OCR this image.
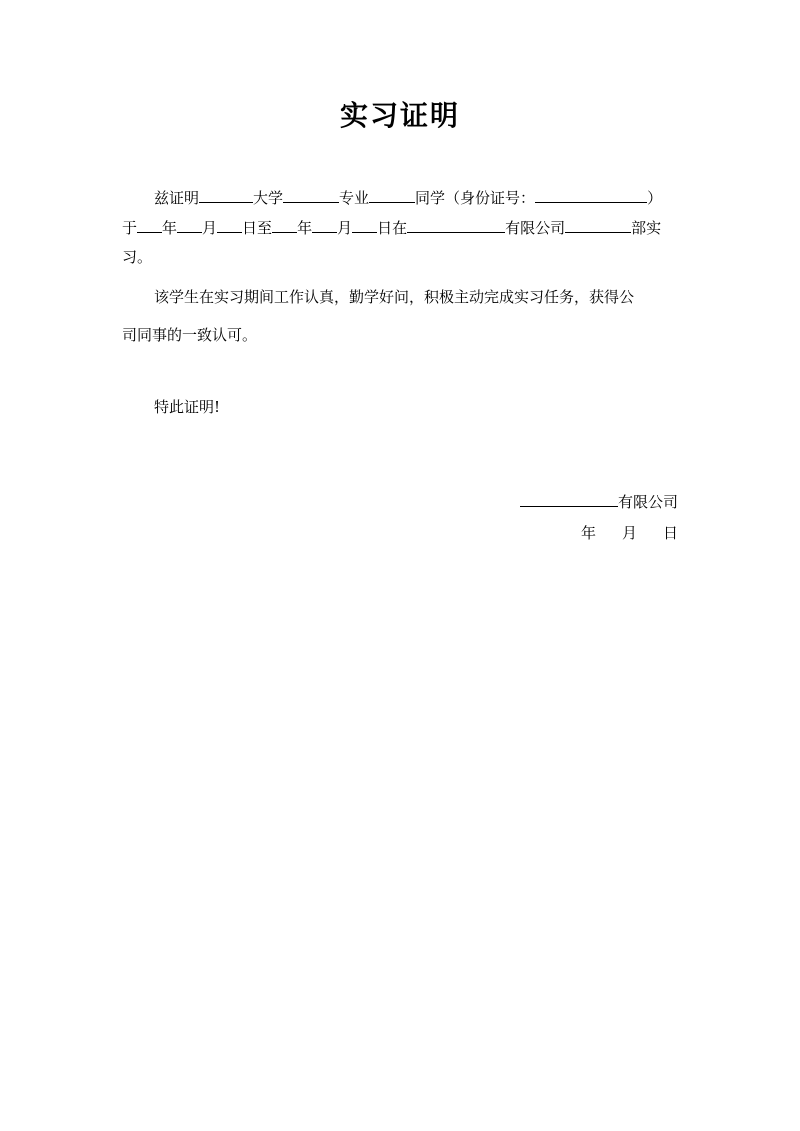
实习证明
兹证明	大学	专业	同学（身份证号：	）
于 年 月 日至 年 月 日在	有限公司	部实
习。
该学生在实习期间工作认真，勤学好问，积极主动完成实习任务，获得公
司同事的一致认可。
特此证明!
有限公司
年 月 日
